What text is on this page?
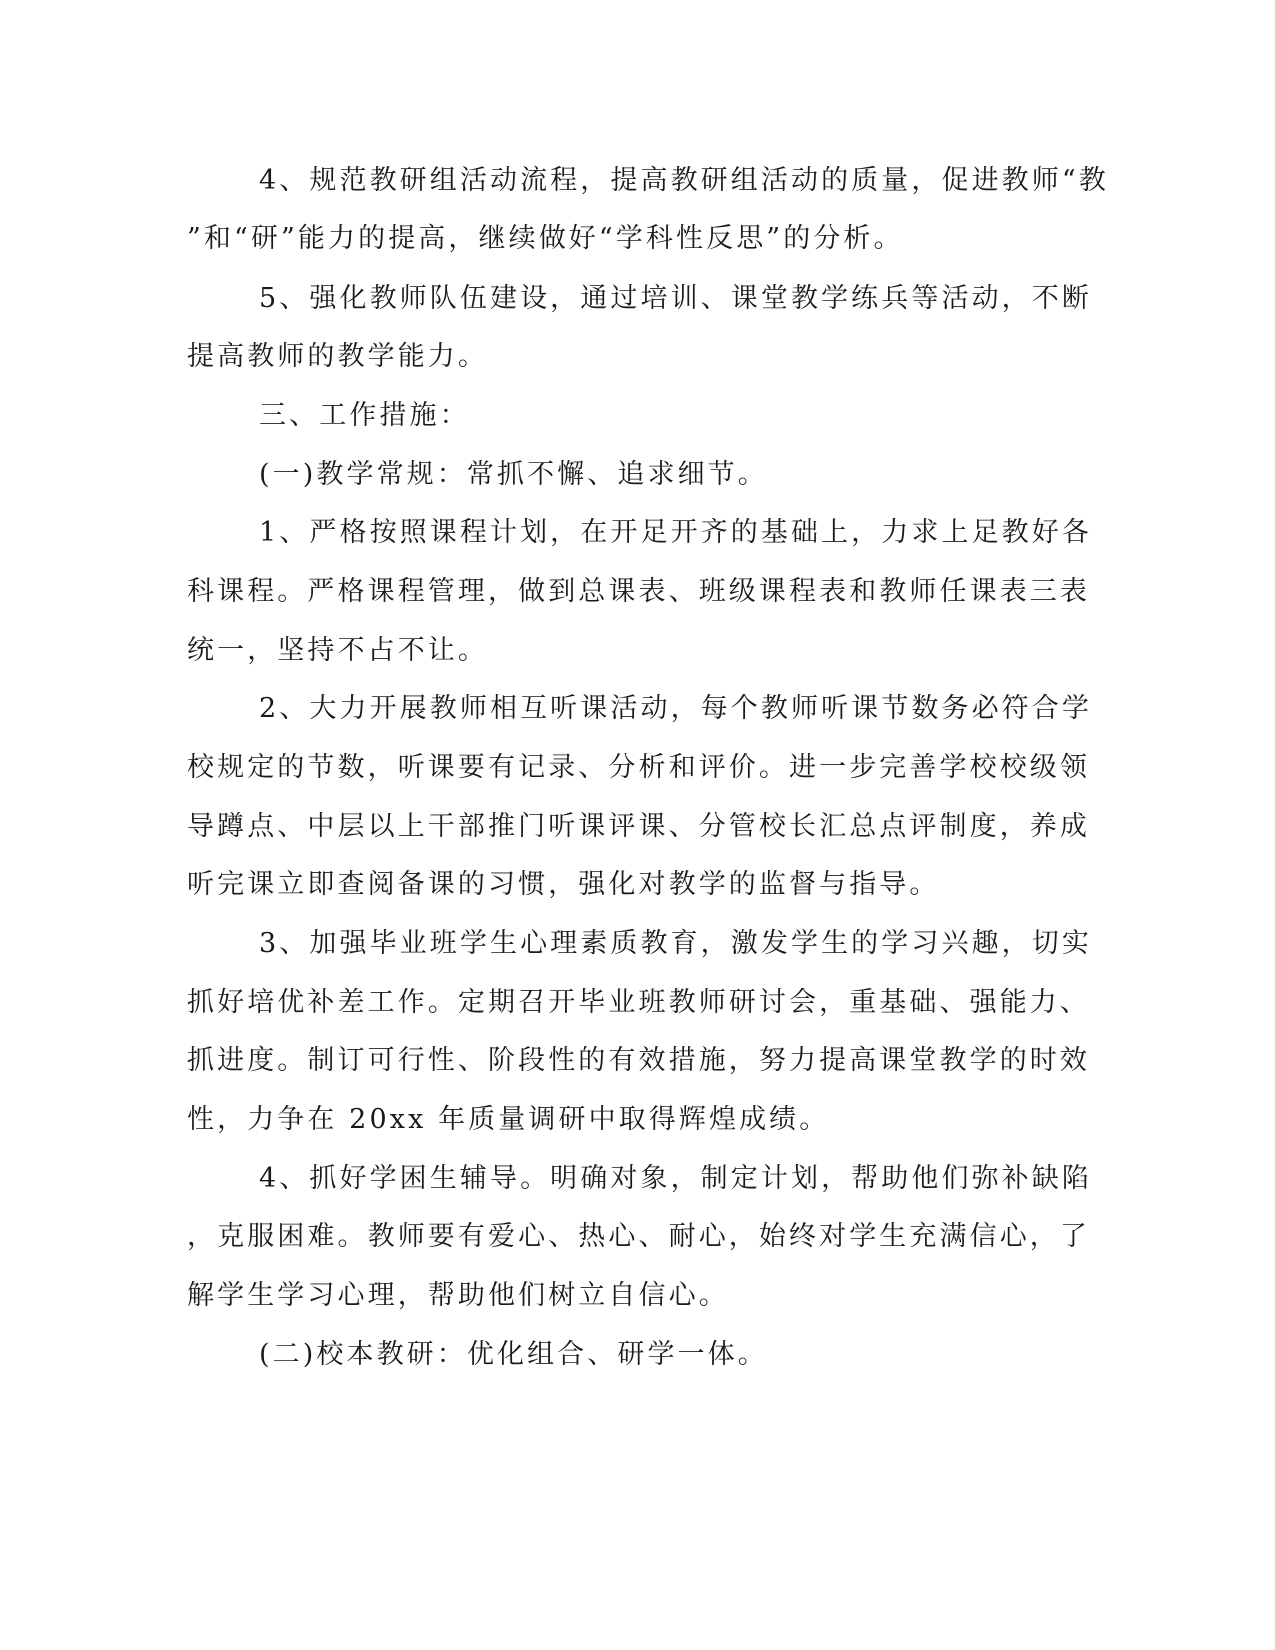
4、规范教研组活动流程，提高教研组活动的质量，促进教师“教
”和“研”能力的提高，继续做好“学科性反思”的分析。
5、强化教师队伍建设，通过培训、课堂教学练兵等活动，不断
提高教师的教学能力。
三、工作措施：
(一)教学常规：常抓不懈、追求细节。
1、严格按照课程计划，在开足开齐的基础上，力求上足教好各
科课程。严格课程管理，做到总课表、班级课程表和教师任课表三表
统一，坚持不占不让。
2、大力开展教师相互听课活动，每个教师听课节数务必符合学
校规定的节数，听课要有记录、分析和评价。进一步完善学校校级领
导蹲点、中层以上干部推门听课评课、分管校长汇总点评制度，养成
听完课立即查阅备课的习惯，强化对教学的监督与指导。
3、加强毕业班学生心理素质教育，激发学生的学习兴趣，切实
抓好培优补差工作。定期召开毕业班教师研讨会，重基础、强能力、
抓进度。制订可行性、阶段性的有效措施，努力提高课堂教学的时效
性，力争在 20xx 年质量调研中取得辉煌成绩。
4、抓好学困生辅导。明确对象，制定计划，帮助他们弥补缺陷
，克服困难。教师要有爱心、热心、耐心，始终对学生充满信心，了
解学生学习心理，帮助他们树立自信心。
(二)校本教研：优化组合、研学一体。
